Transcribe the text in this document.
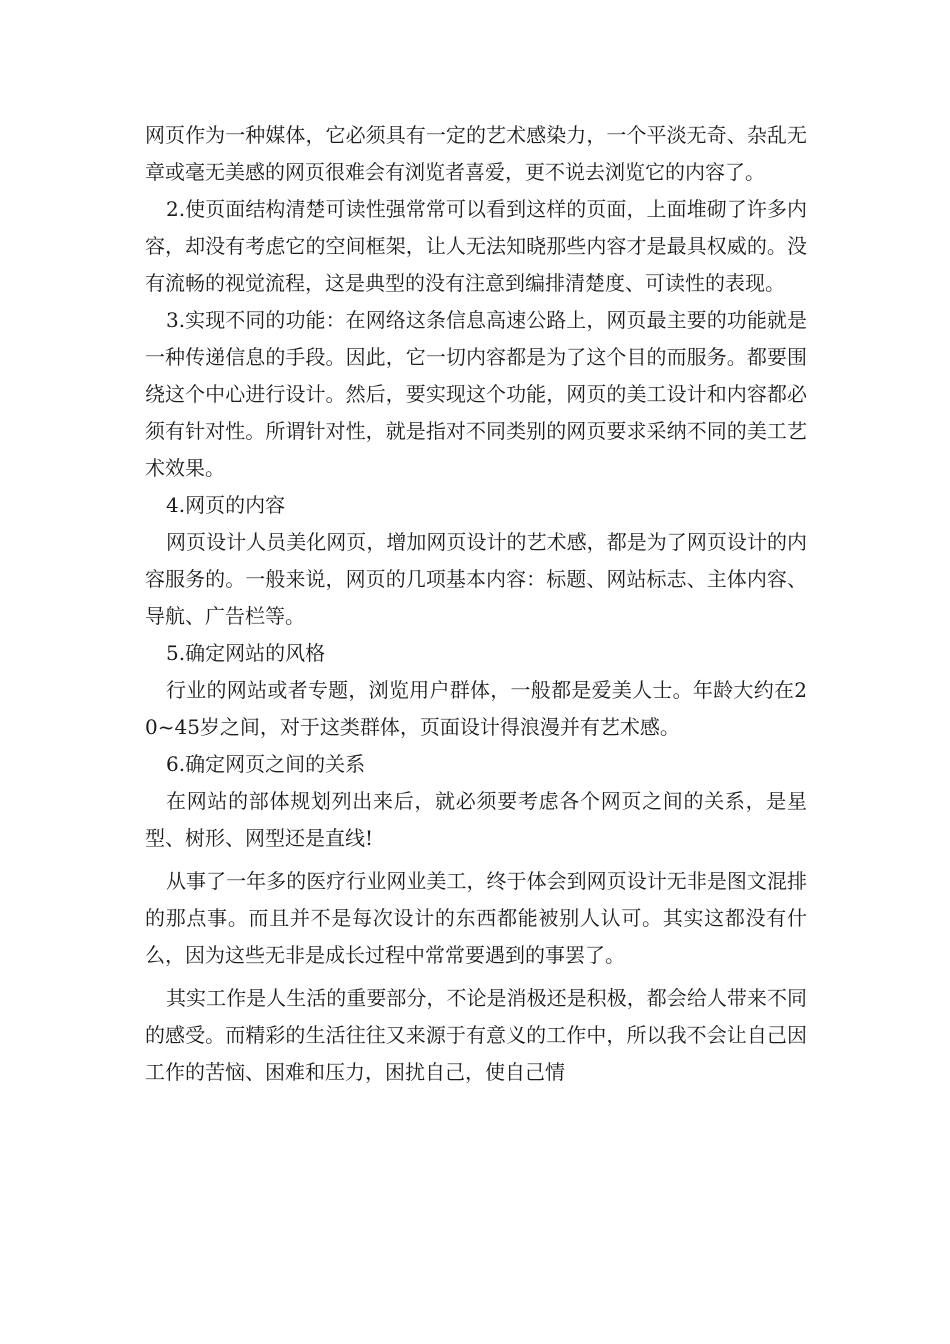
网页作为一种媒体，它必须具有一定的艺术感染力，一个平淡无奇、杂乱无章或毫无美感的网页很难会有浏览者喜爱，更不说去浏览它的内容了。

2.使页面结构清楚可读性强常常可以看到这样的页面，上面堆砌了许多内容，却没有考虑它的空间框架，让人无法知晓那些内容才是最具权威的。没有流畅的视觉流程，这是典型的没有注意到编排清楚度、可读性的表现。

3.实现不同的功能：在网络这条信息高速公路上，网页最主要的功能就是一种传递信息的手段。因此，它一切内容都是为了这个目的而服务。都要围绕这个中心进行设计。然后，要实现这个功能，网页的美工设计和内容都必须有针对性。所谓针对性，就是指对不同类别的网页要求采纳不同的美工艺术效果。

4.网页的内容

网页设计人员美化网页，增加网页设计的艺术感，都是为了网页设计的内容服务的。一般来说，网页的几项基本内容：标题、网站标志、主体内容、导航、广告栏等。

5.确定网站的风格

行业的网站或者专题，浏览用户群体，一般都是爱美人士。年龄大约在20~45岁之间，对于这类群体，页面设计得浪漫并有艺术感。

6.确定网页之间的关系

在网站的部体规划列出来后，就必须要考虑各个网页之间的关系，是星型、树形、网型还是直线!

从事了一年多的医疗行业网业美工，终于体会到网页设计无非是图文混排的那点事。而且并不是每次设计的东西都能被别人认可。其实这都没有什么，因为这些无非是成长过程中常常要遇到的事罢了。

其实工作是人生活的重要部分，不论是消极还是积极，都会给人带来不同的感受。而精彩的生活往往又来源于有意义的工作中，所以我不会让自己因工作的苦恼、困难和压力，困扰自己，使自己情
